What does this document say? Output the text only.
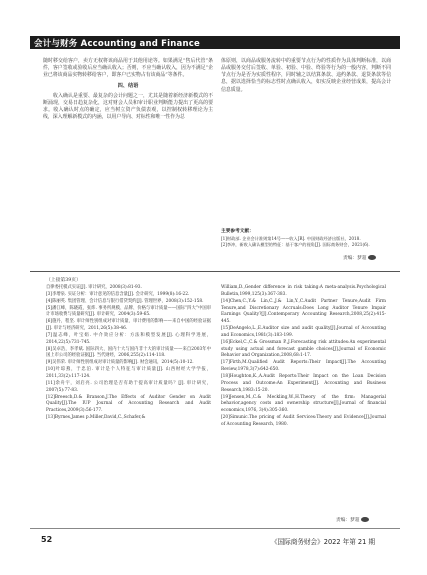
会计与财务 Accounting and Finance

随时移交给客户，卖方无权将该商品用于其他用途等。如果满足“售后代管”条件，客户签收或验收后应当确认收入；否则，不应当确认收入，因为不满足“企业已将该商品实物转移给客户，即客户已实物占有该商品”等条件。

四、结语

收入确认是重要、最复杂的会计问题之一，尤其是随着新经济新模式的不断涌现，交易日趋复杂化，这对财会人员和审计职业判断能力提出了更高的要求。收入确认时点的确定，应当树立资产负债表观，以控制权转移理论为主线，深入理解新模式的内涵，以用户导向、对标性和唯一性作为总

体原则，以商品或服务流转中的重要节点行为的性质作为具体判断标准，以商品或服务交付后签收、单验、初验、中验、终验等行为的一般内容，判断不同节点行为是否为实质性程序，同时辅之以结算条款、违约条款、退货条款等信息，据以选择恰当的标志性时点确认收入，如实反映企业经营成果，提高会计信息质量。

主要参考文献：
[1]财政部. 企业会计准则第14号——收入[R]. 中国财政经济出版社，2018.
[2]李冲，新收入确认模型的特征：基于客户的视角[J]. 国际商务财会，2021(6).
责编：梦超
（上接第39页）

自律委托模式实证[J]. 审计研究，2008(3):81-93.

[3]李增泉. 实证分析：审计意见的信息含量[J]. 会计研究，1999(8):16-22.

[4]陈丽英. 集团管理、会计信息与银行借贷契约[J]. 管理世界，2008(3):152-158.

[5]潘江峰，陈晓霞，张炜. 事务所规模、品牌、价格与审计质量——国际“四大”中国审计市场收费与质量研究[J]. 审计研究，2004(3):59-65.

[6]施丹，程坚. 审计师性别组成对审计质量、审计费用的影响——来自中国的经验证据[J]. 审计与经济研究，2011,26(5):38-46.

[7]温志峰，叶宝娟. 中介效应分析：方法和模型发展[J]. 心理科学进展，2014,22(5):731-745.

[8]吴卓浩，李孝斌. 国际四大、国内十大与国内非十大的审计质量——来自2003年中国上市公司的经验证据[J]. 当代财经，2006,255(2):114-118.

[9]吴伟荣. 审计师性别组成对审计质量的影响[J]. 财会通讯，2014(5):10-12.

[10]叶琼燕，于忠泊. 审计是个人特征与审计质量[J]. 山西财经大学学报，2011,33(2):117-124.

[11]余舟宇，刘启亮. 公司治理是否有助于提高审计质量吗？[J]. 审计研究，2007(5):77-83.

[12]Breesch,D.& Branson,J.The Effects of Auditor Gender on Audit Quality[J].The IUP Journal of Accounting Research and Audit Practices,2009(3):56-177.

[13]Byrnes,James p.Miller,David,C.,Schafer,&

William,D.,Gender difference in risk taking:A meta-analysis.Psychological Bulletin,1999,125(3):367-383.

[14]Chen,C.,Y.& Lin,C.,J.& Lin,Y.,C.Audit Partner Tenure,Audit Firm Tenure,and Discretionary Accruals:Does Long Auditor Tenure Impair Earnings Quality?[J].Contemporary Accounting Research,2008,25(2):415-445.

[15]DeAngelo,L.,E.Auditor size and audit quality[J].Journal of Accounting and Economics,1981(3):183-199.

[16]Eckel,C.,C.& Grossman P.,J.Forecasting risk attitudes:An experimental study using actual and forecast gamble choices[J].Journal of Economic Behavior and Organization,2008,68:1-17.

[17]Firth,M.Qualified Audit Reports:Their Impact[J].The Accounting Review,1978,3(7):642-650.

[18]Houghton,K.,A.Audit Reports:Their Impact on the Loan Decision Process and Outcome:An Experiment[J]. Accounting and Business Research,1983:15-20.

[19]Jensen,M.,C.& Meckling,W.,H.Theory of the firm: Managerial behavior,agency costs and ownership structure[J].Journal of financial economics,1976, 3(4):305-360.

[20]Simunic.The pricing of Audit Services:Theory and Evidence[J].Journal of Accounting Research, 1980.

责编：梦超
52	《国际商务财会》2022 年第 21 期
